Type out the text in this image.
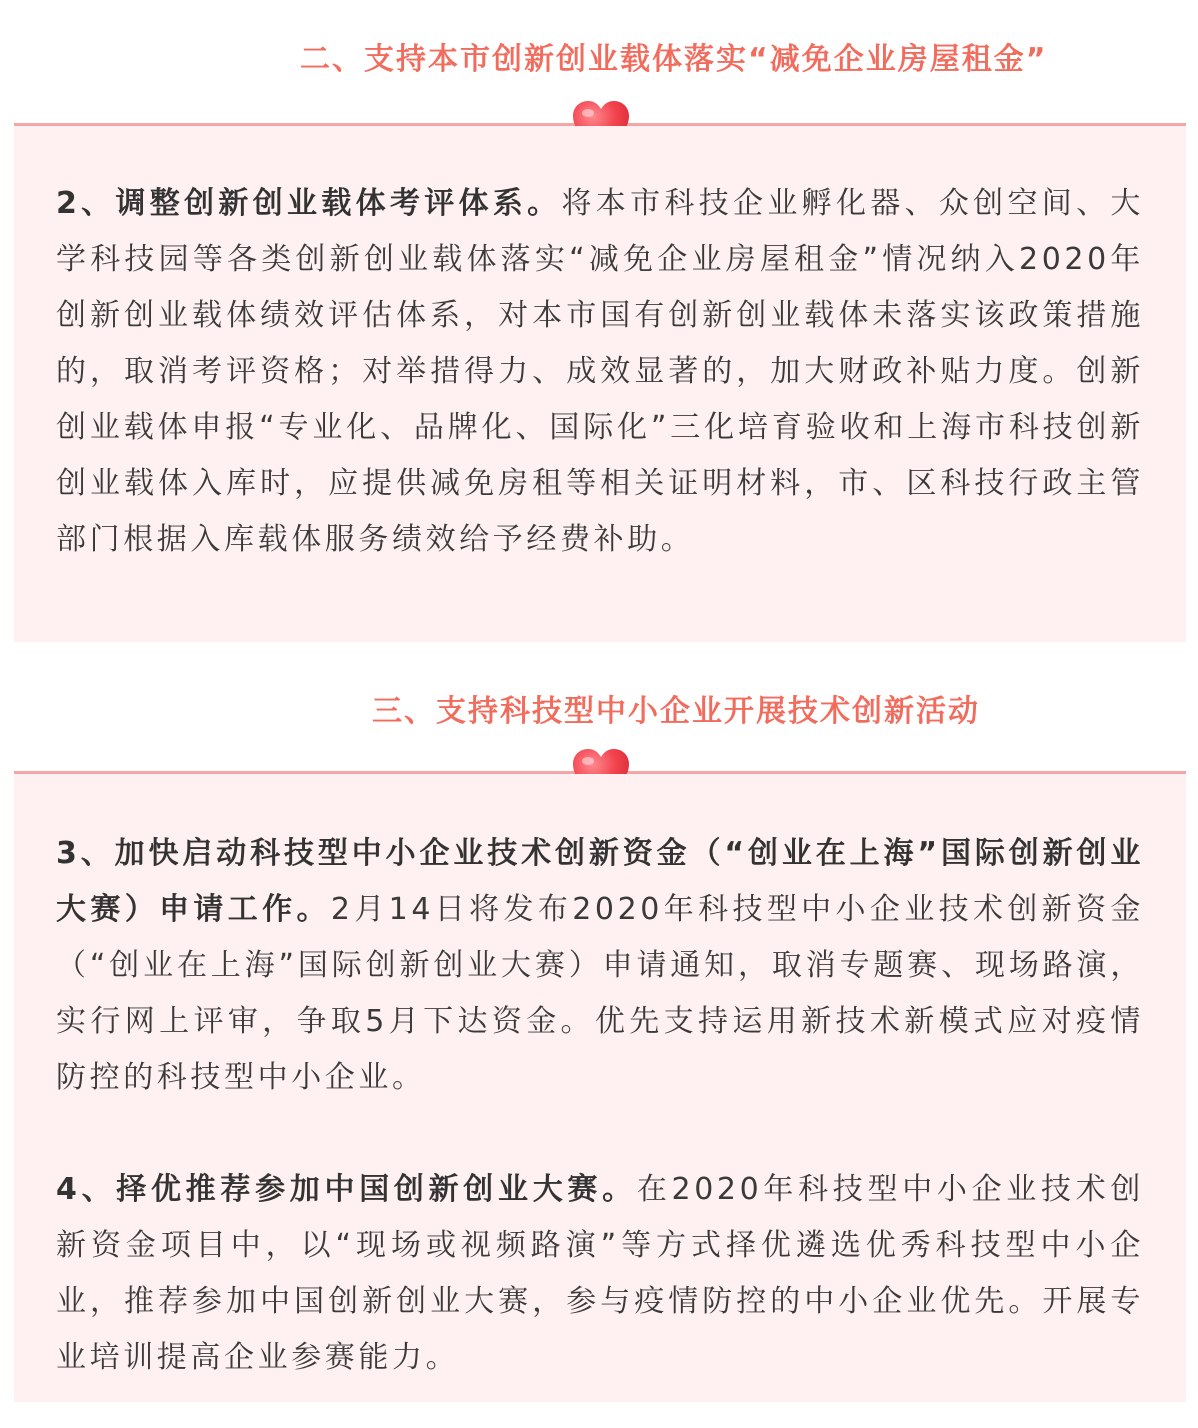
二、支持本市创新创业载体落实“减免企业房屋租金”

2、调整创新创业载体考评体系。将本市科技企业孵化器、众创空间、大学科技园等各类创新创业载体落实“减免企业房屋租金”情况纳入2020年创新创业载体绩效评估体系，对本市国有创新创业载体未落实该政策措施的，取消考评资格；对举措得力、成效显著的，加大财政补贴力度。创新创业载体申报“专业化、品牌化、国际化”三化培育验收和上海市科技创新创业载体入库时，应提供减免房租等相关证明材料，市、区科技行政主管部门根据入库载体服务绩效给予经费补助。

三、支持科技型中小企业开展技术创新活动

3、加快启动科技型中小企业技术创新资金（“创业在上海”国际创新创业大赛）申请工作。2月14日将发布2020年科技型中小企业技术创新资金（“创业在上海”国际创新创业大赛）申请通知，取消专题赛、现场路演，实行网上评审，争取5月下达资金。优先支持运用新技术新模式应对疫情防控的科技型中小企业。

4、择优推荐参加中国创新创业大赛。在2020年科技型中小企业技术创新资金项目中，以“现场或视频路演”等方式择优遴选优秀科技型中小企业，推荐参加中国创新创业大赛，参与疫情防控的中小企业优先。开展专业培训提高企业参赛能力。
